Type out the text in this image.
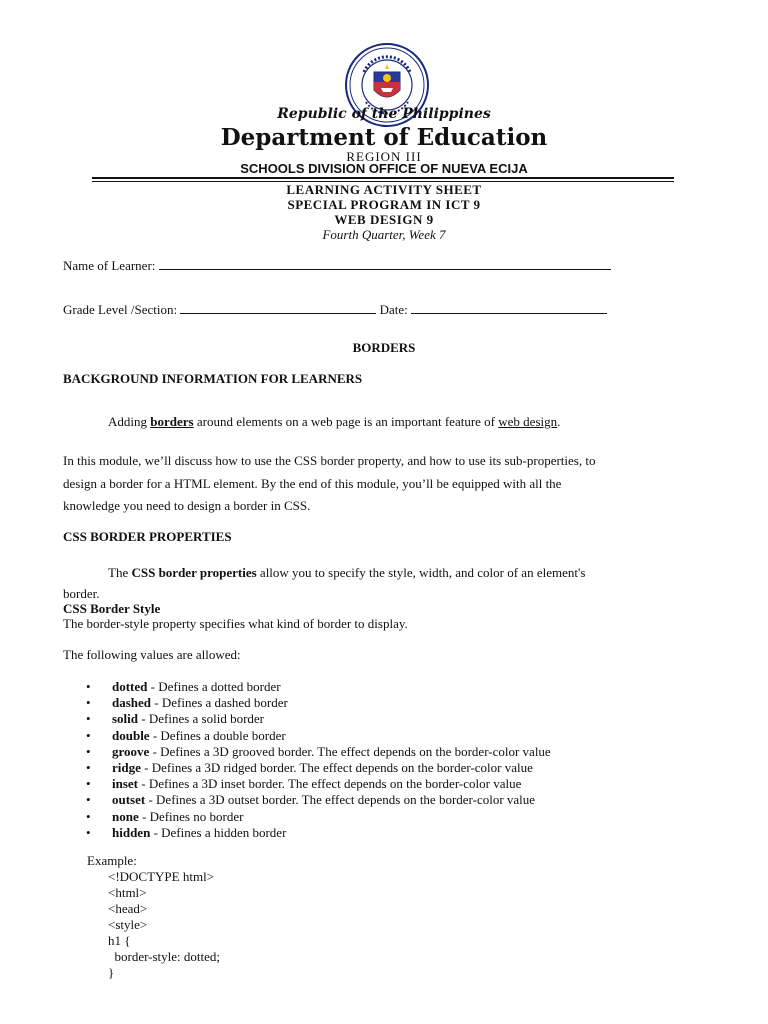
Republic of the Philippines
Department of Education
REGION III
SCHOOLS DIVISION OFFICE OF NUEVA ECIJA
LEARNING ACTIVITY SHEET
SPECIAL PROGRAM IN ICT 9
WEB DESIGN 9
Fourth Quarter, Week 7
Name of Learner:
Grade Level /Section:	Date:
BORDERS
BACKGROUND INFORMATION FOR LEARNERS
Adding borders around elements on a web page is an important feature of web design.
In this module, we’ll discuss how to use the CSS border property, and how to use its sub-properties, to
design a border for a HTML element. By the end of this module, you’ll be equipped with all the
knowledge you need to design a border in CSS.
CSS BORDER PROPERTIES
The CSS border properties allow you to specify the style, width, and color of an element's
border.
CSS Border Style
The border-style property specifies what kind of border to display.
The following values are allowed:
• dotted - Defines a dotted border
• dashed - Defines a dashed border
• solid - Defines a solid border
• double - Defines a double border
• groove - Defines a 3D grooved border. The effect depends on the border-color value
• ridge - Defines a 3D ridged border. The effect depends on the border-color value
• inset - Defines a 3D inset border. The effect depends on the border-color value
• outset - Defines a 3D outset border. The effect depends on the border-color value
• none - Defines no border
• hidden - Defines a hidden border
Example:
<!DOCTYPE html>
<html>
<head>
<style>
h1 {
border-style: dotted;
}
